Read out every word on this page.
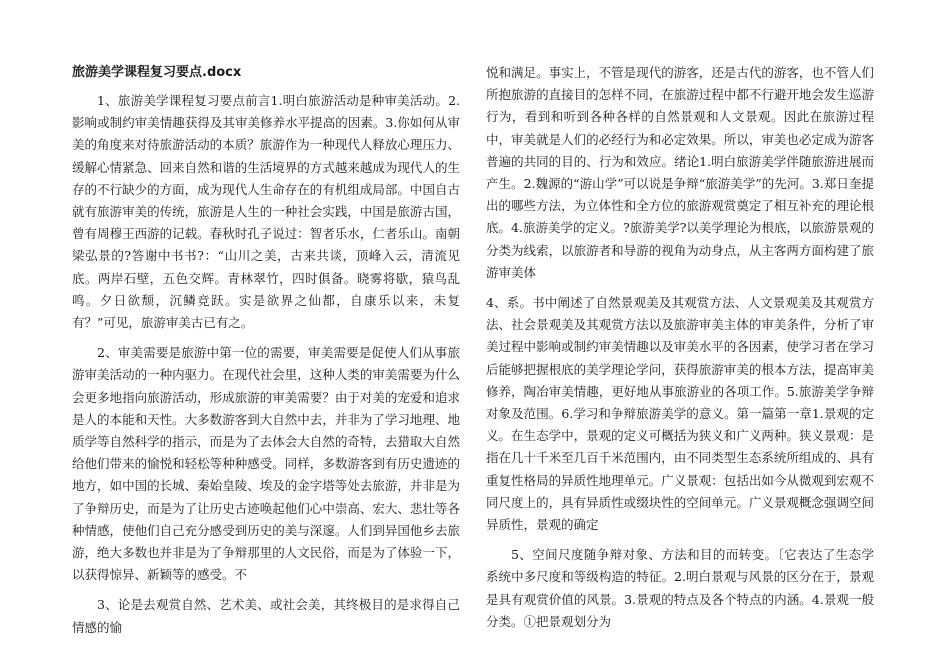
旅游美学课程复习要点.docx

1、旅游美学课程复习要点前言1.明白旅游活动是种审美活动。2.影响或制约审美情趣获得及其审美修养水平提高的因素。3.你如何从审美的角度来对待旅游活动的本质？旅游作为一种现代人释放心理压力、缓解心情紧急、回来自然和谐的生活境界的方式越来越成为现代人的生存的不行缺少的方面，成为现代人生命存在的有机组成局部。中国自古就有旅游审美的传统，旅游是人生的一种社会实践，中国是旅游古国，曾有周穆王西游的记载。春秋时孔子说过：智者乐水，仁者乐山。南朝梁弘景的?答谢中书书?：“山川之美，古来共谈，顶峰入云，清流见底。两岸石壁，五色交辉。青林翠竹，四时俱备。晓雾将歇，猿鸟乱鸣。夕日欲颓，沉鳞竞跃。实是欲界之仙都，自康乐以来，未复有？”可见，旅游审美古已有之。

2、审美需要是旅游中第一位的需要，审美需要是促使人们从事旅游审美活动的一种内驱力。在现代社会里，这种人类的审美需要为什么会更多地指向旅游活动，形成旅游的审美需要？由于对美的宠爱和追求是人的本能和天性。大多数游客到大自然中去，并非为了学习地理、地质学等自然科学的指示，而是为了去体会大自然的奇特，去猎取大自然给他们带来的愉悦和轻松等种种感受。同样，多数游客到有历史遗迹的地方，如中国的长城、秦始皇陵、埃及的金字塔等处去旅游，并非是为了争辩历史，而是为了让历史古迹唤起他们心中崇高、宏大、悲壮等各种情感，使他们自己充分感受到历史的美与深邃。人们到异国他乡去旅游，绝大多数也并非是为了争辩那里的人文民俗，而是为了体验一下，以获得惊异、新颖等的感受。不

3、论是去观赏自然、艺术美、或社会美，其终极目的是求得自己情感的愉

悦和满足。事实上，不管是现代的游客，还是古代的游客，也不管人们所抱旅游的直接目的怎样不同，在旅游过程中都不行避开地会发生巡游行为，看到和听到各种各样的自然景观和人文景观。因此在旅游过程中，审美就是人们的必经行为和必定效果。所以，审美也必定成为游客普遍的共同的目的、行为和效应。绪论1.明白旅游美学伴随旅游进展而产生。2.魏源的“游山学”可以说是争辩“旅游美学”的先河。3.郑日奎提出的哪些方法，为立体性和全方位的旅游观赏奠定了相互补充的理论根底。4.旅游美学的定义。?旅游美学?以美学理论为根底，以旅游景观的分类为线索，以旅游者和导游的视角为动身点，从主客两方面构建了旅游审美体

4、系。书中阐述了自然景观美及其观赏方法、人文景观美及其观赏方法、社会景观美及其观赏方法以及旅游审美主体的审美条件，分析了审美过程中影响或制约审美情趣以及审美水平的各因素，使学习者在学习后能够把握根底的美学理论学问，获得旅游审美的根本方法，提高审美修养，陶冶审美情趣，更好地从事旅游业的各项工作。5.旅游美学争辩对象及范围。6.学习和争辩旅游美学的意义。第一篇第一章1.景观的定义。在生态学中，景观的定义可概括为狭义和广义两种。狭义景观：是指在几十千米至几百千米范围内，由不同类型生态系统所组成的、具有重复性格局的异质性地理单元。广义景观：包括出如今从微观到宏观不同尺度上的，具有异质性或缀块性的空间单元。广义景观概念强调空间异质性，景观的确定

5、空间尺度随争辩对象、方法和目的而转变。〔它表达了生态学系统中多尺度和等级构造的特征。2.明白景观与风景的区分在于，景观是具有观赏价值的风景。3.景观的特点及各个特点的内涵。4.景观一般分类。①把景观划分为
